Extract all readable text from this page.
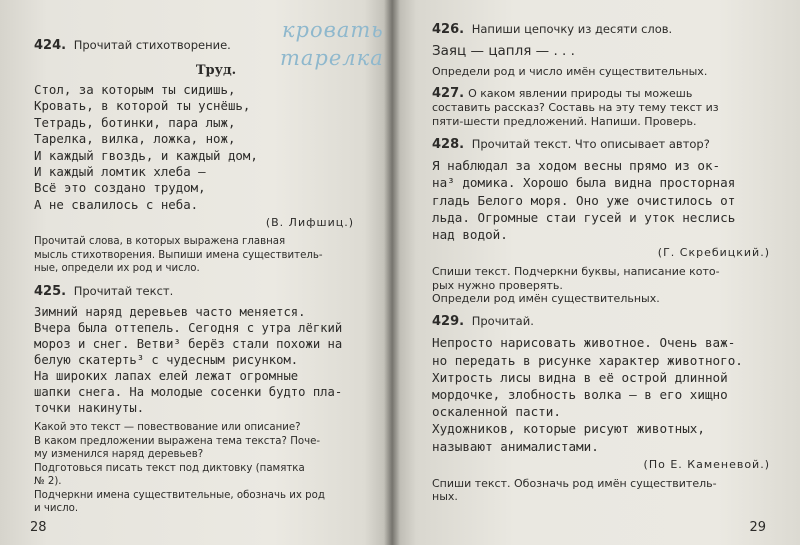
кровать
тарелка
424. Прочитай стихотворение.
Труд.
Стол, за которым ты сидишь,
Кровать, в которой ты уснёшь,
Тетрадь, ботинки, пара лыж,
Тарелка, вилка, ложка, нож,
И каждый гвоздь, и каждый дом,
И каждый ломтик хлеба —
Всё это создано трудом,
А не свалилось с неба.
(В. Лифшиц.)
Прочитай слова, в которых выражена главная
мысль стихотворения. Выпиши имена существитель-
ные, определи их род и число.
425. Прочитай текст.
Зимний наряд деревьев часто меняется.
Вчера была оттепель. Сегодня с утра лёгкий
мороз и снег. Ветви³ берёз стали похожи на
белую скатерть³ с чудесным рисунком.
На широких лапах елей лежат огромные
шапки снега. На молодые сосенки будто пла-
точки накинуты.
Какой это текст — повествование или описание?
В каком предложении выражена тема текста? Поче-
му изменился наряд деревьев?
Подготовься писать текст под диктовку (памятка
№ 2).
Подчеркни имена существительные, обозначь их род
и число.
28
426. Напиши цепочку из десяти слов.
Заяц — цапля — . . .
Определи род и число имён существительных.
427. О каком явлении природы ты можешь
составить рассказ? Составь на эту тему текст из
пяти-шести предложений. Напиши. Проверь.
428. Прочитай текст. Что описывает автор?
Я наблюдал за ходом весны прямо из ок-
на³ домика. Хорошо была видна просторная
гладь Белого моря. Оно уже очистилось от
льда. Огромные стаи гусей и уток неслись
над водой.
(Г. Скребицкий.)
Спиши текст. Подчеркни буквы, написание кото-
рых нужно проверять.
Определи род имён существительных.
429. Прочитай.
Непросто нарисовать животное. Очень важ-
но передать в рисунке характер животного.
Хитрость лисы видна в её острой длинной
мордочке, злобность волка — в его хищно
оскаленной пасти.
Художников, которые рисуют животных,
называют анималистами.
(По Е. Каменевой.)
Спиши текст. Обозначь род имён существитель-
ных.
29
